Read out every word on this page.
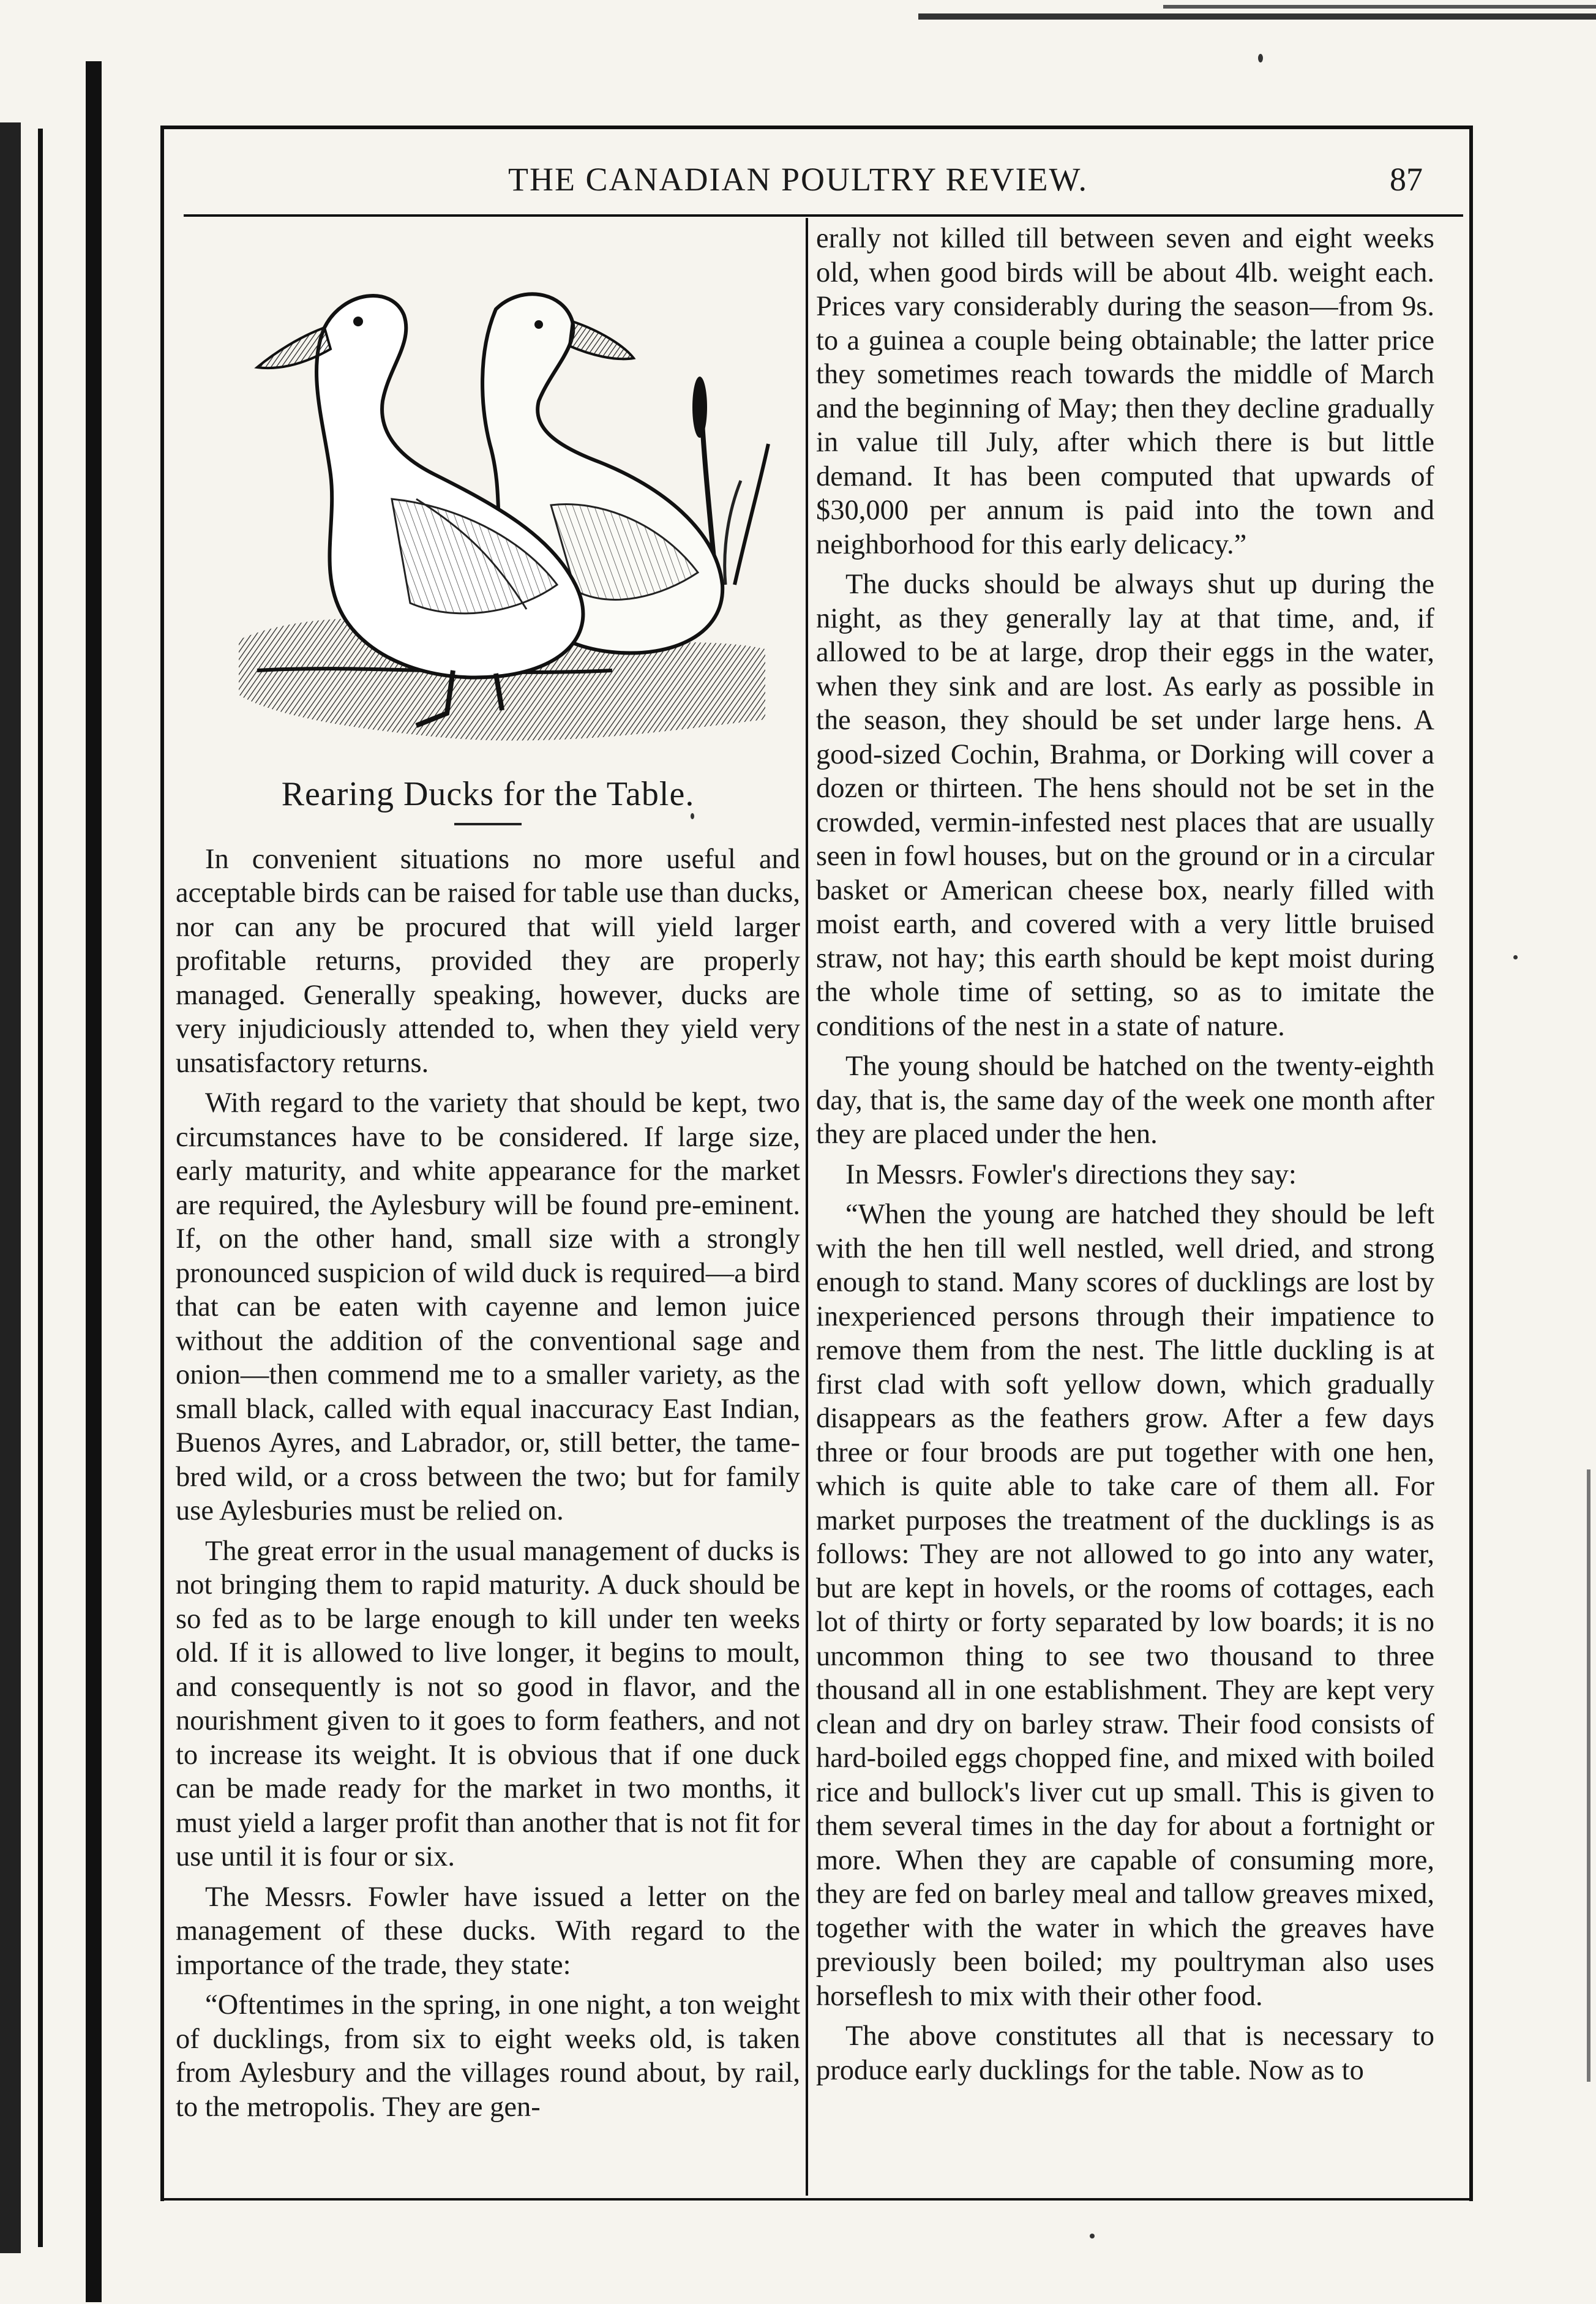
THE CANADIAN POULTRY REVIEW.	87
Rearing Ducks for the Table.

In convenient situations no more useful and acceptable birds can be raised for table use than ducks, nor can any be procured that will yield larger profitable returns, provided they are properly managed. Generally speaking, however, ducks are very injudiciously attended to, when they yield very unsatisfactory returns.

With regard to the variety that should be kept, two circumstances have to be considered. If large size, early maturity, and white appearance for the market are required, the Aylesbury will be found pre-eminent. If, on the other hand, small size with a strongly pronounced suspicion of wild duck is required—a bird that can be eaten with cayenne and lemon juice without the addition of the conventional sage and onion—then commend me to a smaller variety, as the small black, called with equal inaccuracy East Indian, Buenos Ayres, and Labrador, or, still better, the tame-bred wild, or a cross between the two; but for family use Aylesburies must be relied on.

The great error in the usual management of ducks is not bringing them to rapid maturity. A duck should be so fed as to be large enough to kill under ten weeks old. If it is allowed to live longer, it begins to moult, and consequently is not so good in flavor, and the nourishment given to it goes to form feathers, and not to increase its weight. It is obvious that if one duck can be made ready for the market in two months, it must yield a larger profit than another that is not fit for use until it is four or six.

The Messrs. Fowler have issued a letter on the management of these ducks. With regard to the importance of the trade, they state:

“Oftentimes in the spring, in one night, a ton weight of ducklings, from six to eight weeks old, is taken from Aylesbury and the villages round about, by rail, to the metropolis. They are gen-

erally not killed till between seven and eight weeks old, when good birds will be about 4lb. weight each. Prices vary considerably during the season—from 9s. to a guinea a couple being obtainable; the latter price they sometimes reach towards the middle of March and the beginning of May; then they decline gradually in value till July, after which there is but little demand. It has been computed that upwards of $30,000 per annum is paid into the town and neighborhood for this early delicacy.”

The ducks should be always shut up during the night, as they generally lay at that time, and, if allowed to be at large, drop their eggs in the water, when they sink and are lost. As early as possible in the season, they should be set under large hens. A good-sized Cochin, Brahma, or Dorking will cover a dozen or thirteen. The hens should not be set in the crowded, vermin-infested nest places that are usually seen in fowl houses, but on the ground or in a circular basket or American cheese box, nearly filled with moist earth, and covered with a very little bruised straw, not hay; this earth should be kept moist during the whole time of setting, so as to imitate the conditions of the nest in a state of nature.

The young should be hatched on the twenty-eighth day, that is, the same day of the week one month after they are placed under the hen.

In Messrs. Fowler's directions they say:

“When the young are hatched they should be left with the hen till well nestled, well dried, and strong enough to stand. Many scores of ducklings are lost by inexperienced persons through their impatience to remove them from the nest. The little duckling is at first clad with soft yellow down, which gradually disappears as the feathers grow. After a few days three or four broods are put together with one hen, which is quite able to take care of them all. For market purposes the treatment of the ducklings is as follows: They are not allowed to go into any water, but are kept in hovels, or the rooms of cottages, each lot of thirty or forty separated by low boards; it is no uncommon thing to see two thousand to three thousand all in one establishment. They are kept very clean and dry on barley straw. Their food consists of hard-boiled eggs chopped fine, and mixed with boiled rice and bullock's liver cut up small. This is given to them several times in the day for about a fortnight or more. When they are capable of consuming more, they are fed on barley meal and tallow greaves mixed, together with the water in which the greaves have previously been boiled; my poultryman also uses horseflesh to mix with their other food.

The above constitutes all that is necessary to produce early ducklings for the table. Now as to
